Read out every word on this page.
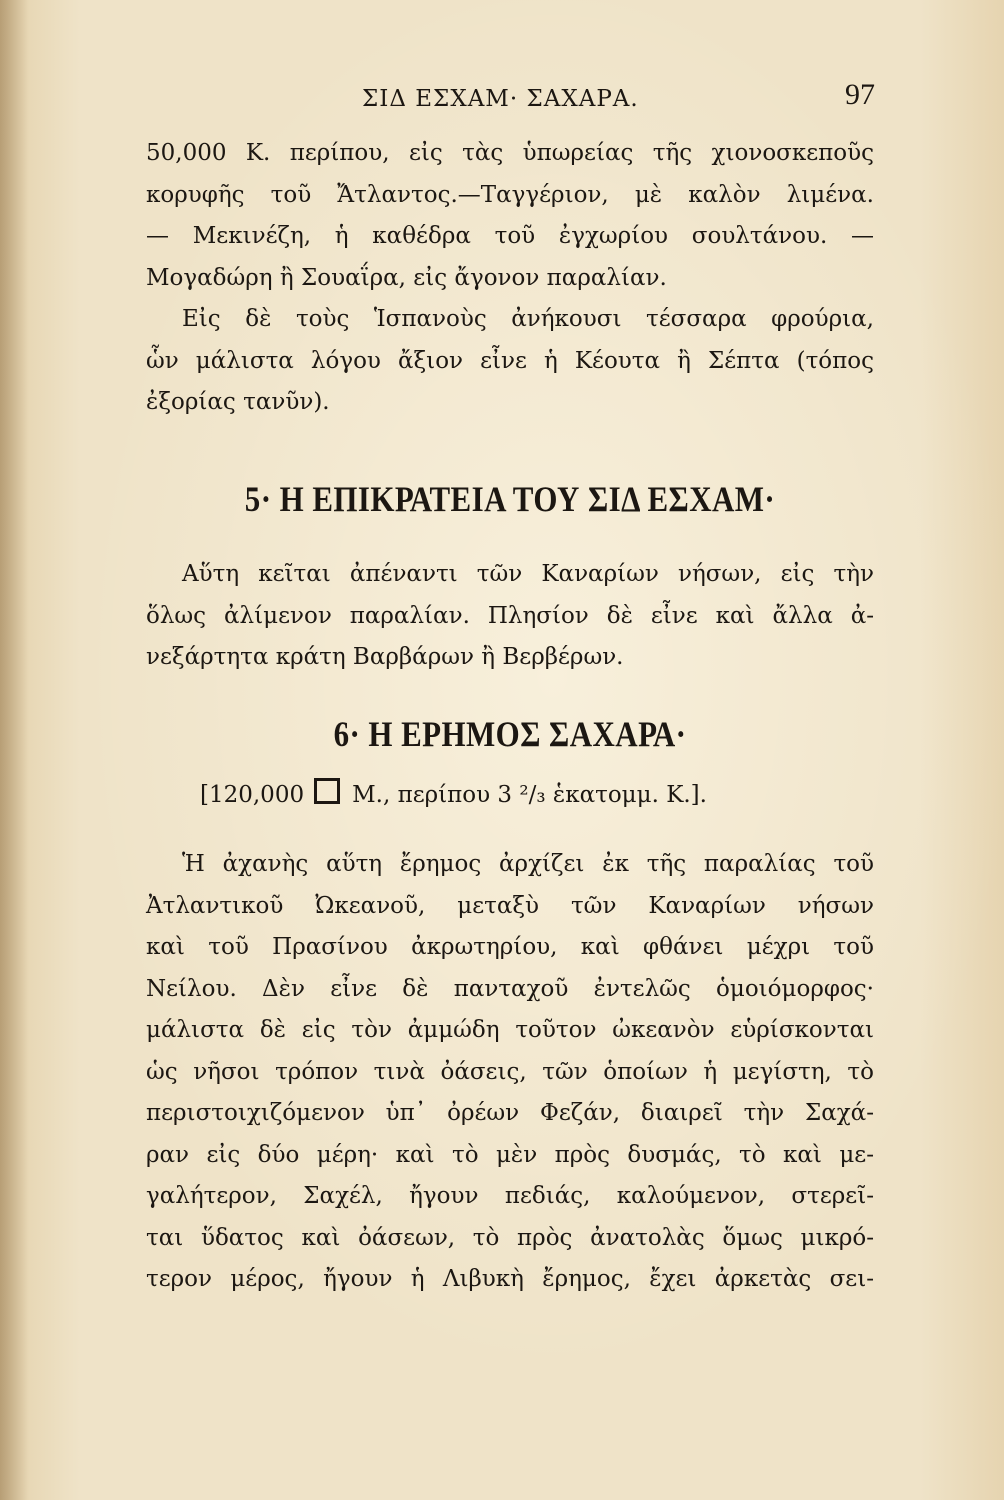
ΣΙΔ ΕΣΧΑΜ· ΣΑΧΑΡΑ.	97
50,000 Κ. περίπου, εἰς τὰς ὑπωρείας τῆς χιονοσκεποῦς
κορυφῆς τοῦ Ἄτλαντος.—Ταγγέριον, μὲ καλὸν λιμένα.
— Μεκινέζη, ἡ καθέδρα τοῦ ἐγχωρίου σουλτάνου. —
Μογαδώρη ἢ Σουαΐρα, εἰς ἄγονον παραλίαν.
Εἰς δὲ τοὺς Ἱσπανοὺς ἀνήκουσι τέσσαρα φρούρια,
ὧν μάλιστα λόγου ἄξιον εἶνε ἡ Κέουτα ἢ Σέπτα (τόπος
ἐξορίας τανῦν).
5· Η ΕΠΙΚΡΑΤΕΙΑ ΤΟΥ ΣΙΔ ΕΣΧΑΜ·
Αὕτη κεῖται ἀπέναντι τῶν Καναρίων νήσων, εἰς τὴν
ὅλως ἀλίμενον παραλίαν. Πλησίον δὲ εἶνε καὶ ἄλλα ἀ-
νεξάρτητα κράτη Βαρβάρων ἢ Βερβέρων.
6· Η ΕΡΗΜΟΣ ΣΑΧΑΡΑ·
[120,000 Μ., περίπου 3 ²/₃ ἑκατομμ. Κ.].
Ἡ ἀχανὴς αὕτη ἔρημος ἀρχίζει ἐκ τῆς παραλίας τοῦ
Ἀτλαντικοῦ Ὠκεανοῦ, μεταξὺ τῶν Καναρίων νήσων
καὶ τοῦ Πρασίνου ἀκρωτηρίου, καὶ φθάνει μέχρι τοῦ
Νείλου. Δὲν εἶνε δὲ πανταχοῦ ἐντελῶς ὁμοιόμορφος·
μάλιστα δὲ εἰς τὸν ἀμμώδη τοῦτον ὠκεανὸν εὑρίσκονται
ὡς νῆσοι τρόπον τινὰ ὀάσεις, τῶν ὁποίων ἡ μεγίστη, τὸ
περιστοιχιζόμενον ὑπ᾽ ὀρέων Φεζάν, διαιρεῖ τὴν Σαχά-
ραν εἰς δύο μέρη· καὶ τὸ μὲν πρὸς δυσμάς, τὸ καὶ με-
γαλήτερον, Σαχέλ, ἤγουν πεδιάς, καλούμενον, στερεῖ-
ται ὕδατος καὶ ὀάσεων, τὸ πρὸς ἀνατολὰς ὅμως μικρό-
τερον μέρος, ἤγουν ἡ Λιβυκὴ ἔρημος, ἔχει ἀρκετὰς σει-
